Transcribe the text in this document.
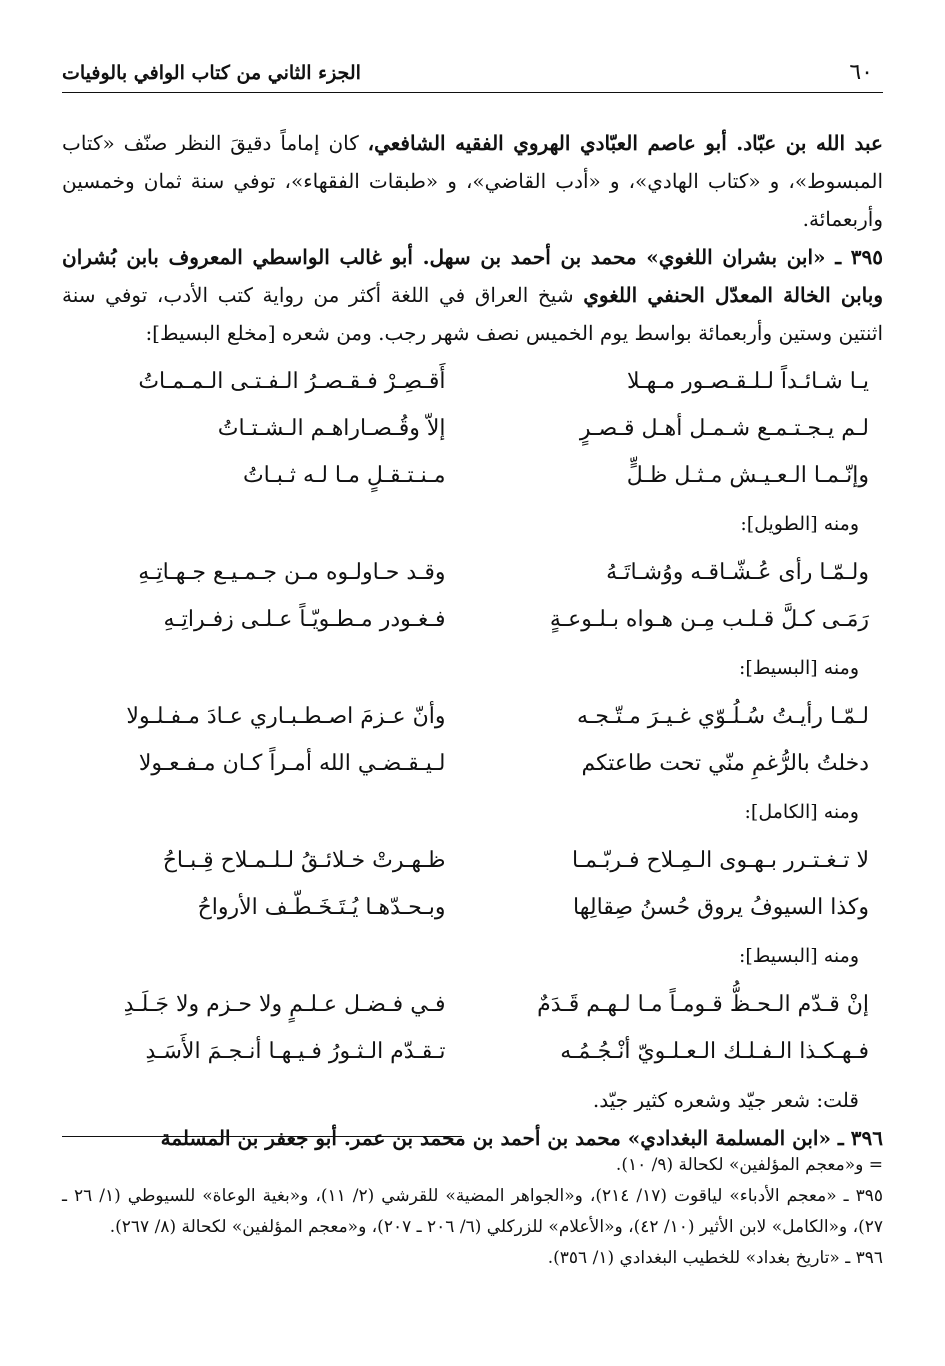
٦٠
الجزء الثاني من كتاب الوافي بالوفيات

عبد الله بن عبّاد. أبو عاصم العبّادي الهروي الفقيه الشافعي، كان إماماً دقيقَ النظر صنّف «كتاب المبسوط»، و «كتاب الهادي»، و «أدب القاضي»، و «طبقات الفقهاء»، توفي سنة ثمان وخمسين وأربعمائة.

٣٩٥ ـ «ابن بشران اللغوي» محمد بن أحمد بن سهل. أبو غالب الواسطي المعروف بابن بُشران وبابن الخالة المعدّل الحنفي اللغوي شيخ العراق في اللغة أكثر من رواية كتب الأدب، توفي سنة اثنتين وستين وأربعمائة بواسط يوم الخميس نصف شهر رجب. ومن شعره [مخلع البسيط]:

يـا شـائـداً لـلـقـصـور مـهـلا
أَقـصِـرْ فـقـصـرُ الـفـتـى الـمـمـاتُ
لـم يـجـتـمـع شـمـل أهـل قـصـرٍ
إلاّ وقُـصـاراهـم الـشـتـاتُ
وإنّـمـا الـعـيـش مـثـل ظـلٍّ
مـنـتـقـلٍ مـا لـه ثـبـاتُ
ومنه [الطويل]:
ولـمّـا رأى عُـشّـاقـه ووُشـاتَـهُ
وقـد حـاولـوه مـن جـمـيـع جـهـاتِـهِ
رَمَـى كـلَّ قـلـب مِـن هـواه بـلـوعـةٍ
فـغـودر مـطـويّـاً عـلـى زفـراتِـهِ
ومنه [البسيط]:
لـمّـا رأيـتُ سُـلُـوّي غـيـرَ مـتّـجـه
وأنّ عـزمَ اصـطـبـاري عـادَ مـفـلـولا
دخلتُ بالرُّغمِ منّي تحت طاعتكم
لـيـقـضـي الله أمـراً كـان مـفـعـولا
ومنه [الكامل]:
لا تـغـتـرر بـهـوى الـمِـلاح فـربّـمـا
ظـهـرتْ خـلائـقُ لـلـمـلاح قِـبـاحُ
وكذا السيوفُ يروق حُسنُ صِقالِها
وبـحـدّهـا يُـتَـخَـطّـف الأرواحُ
ومنه [البسيط]:
إنْ قـدّم الـحـظُّ قـومـاً مـا لـهـم قَـدَمٌ
فـي فـضـل عـلـمٍ ولا حـزم ولا جَـلَـدِ
فـهـكـذا الـفـلـك الـعـلـويّ أنْـجُـمُـه
تـقـدّم الـثـورُ فـيـهـا أنـجـمَ الأَسَـدِ
قلت: شعر جيّد وشعره كثير جيّد.

٣٩٦ ـ «ابن المسلمة البغدادي» محمد بن أحمد بن محمد بن عمر. أبو جعفر بن المسلمة

= و«معجم المؤلفين» لكحالة (٩/ ١٠).

٣٩٥ ـ «معجم الأدباء» لياقوت (١٧/ ٢١٤)، و«الجواهر المضية» للقرشي (٢/ ١١)، و«بغية الوعاة» للسيوطي (١/ ٢٦ ـ ٢٧)، و«الكامل» لابن الأثير (١٠/ ٤٢)، و«الأعلام» للزركلي (٦/ ٢٠٦ ـ ٢٠٧)، و«معجم المؤلفين» لكحالة (٨/ ٢٦٧).

٣٩٦ ـ «تاريخ بغداد» للخطيب البغدادي (١/ ٣٥٦).
